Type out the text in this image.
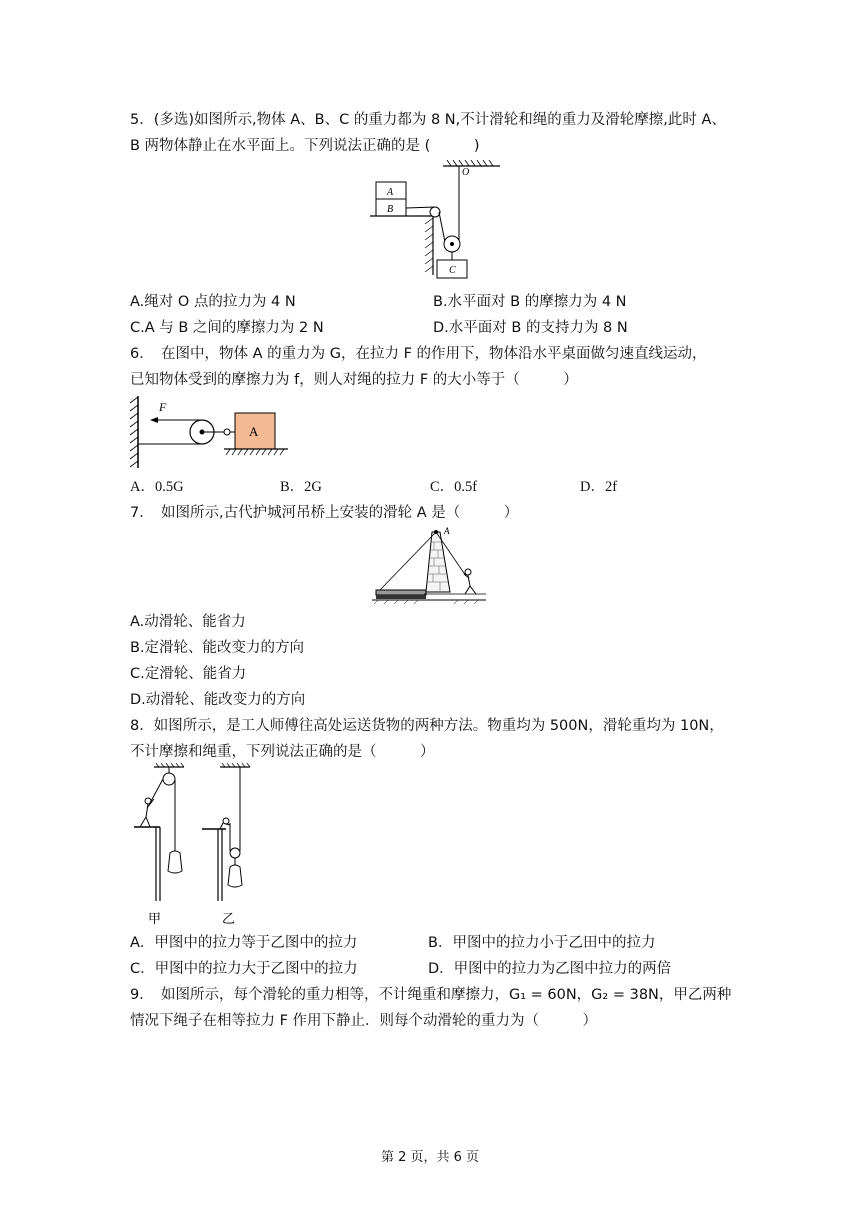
5．(多选)如图所示,物体 A、B、C 的重力都为 8 N,不计滑轮和绳的重力及滑轮摩擦,此时 A、
B 两物体静止在水平面上。下列说法正确的是 (　　　)
O
A
B
C
A.绳对 O 点的拉力为 4 N	B.水平面对 B 的摩擦力为 4 N
C.A 与 B 之间的摩擦力为 2 N	D.水平面对 B 的支持力为 8 N
6．　在图中，物体 A 的重力为 G，在拉力 F 的作用下，物体沿水平桌面做匀速直线运动，
已知物体受到的摩擦力为 f，则人对绳的拉力 F 的大小等于（　　　）
F
A
A．0.5G	B．2G	C．0.5f	D．2f
7．　如图所示,古代护城河吊桥上安装的滑轮 A 是（　　　）
A
A.动滑轮、能省力
B.定滑轮、能改变力的方向
C.定滑轮、能省力
D.动滑轮、能改变力的方向
8．如图所示，是工人师傅往高处运送货物的两种方法。物重均为 500N，滑轮重均为 10N，
不计摩擦和绳重，下列说法正确的是（　　　）
甲	乙
A．甲图中的拉力等于乙图中的拉力	B．甲图中的拉力小于乙田中的拉力
C．甲图中的拉力大于乙图中的拉力	D．甲图中的拉力为乙图中拉力的两倍
9．　如图所示，每个滑轮的重力相等，不计绳重和摩擦力，G₁ = 60N，G₂ = 38N，甲乙两种
情况下绳子在相等拉力 F 作用下静止．则每个动滑轮的重力为（　　　）
第 2 页，共 6 页
